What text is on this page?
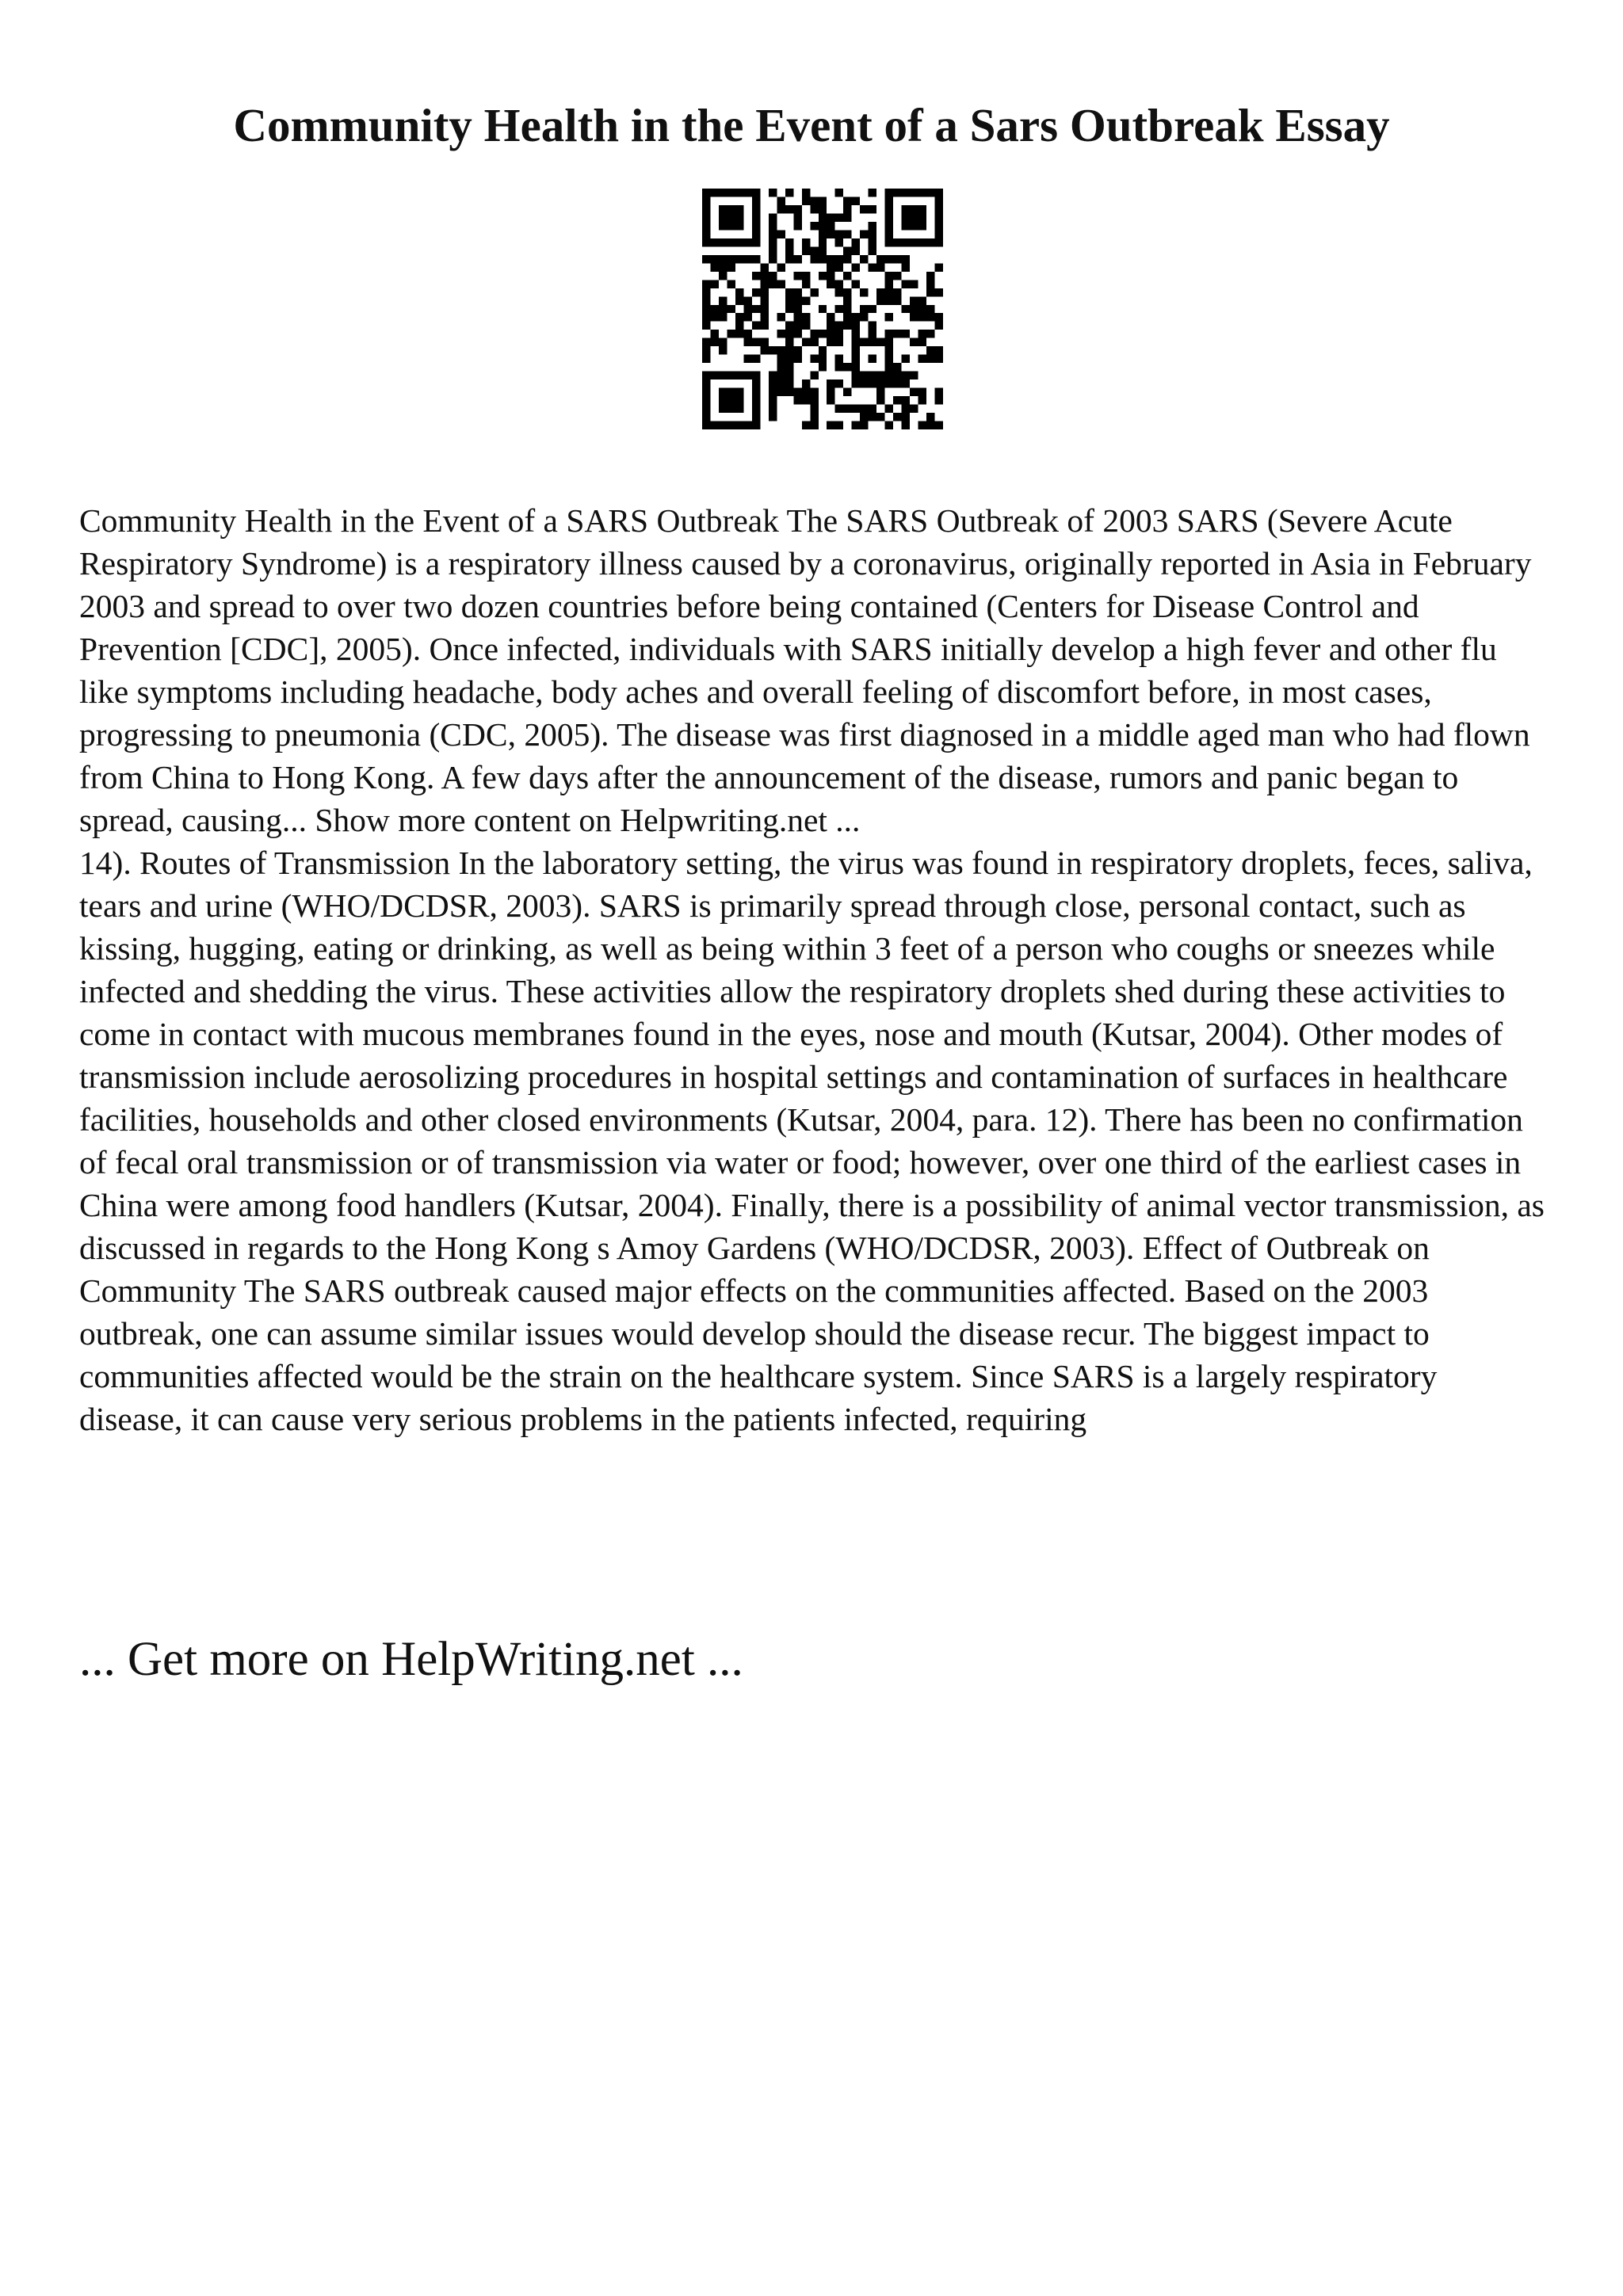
Community Health in the Event of a Sars Outbreak Essay

Community Health in the Event of a SARS Outbreak The SARS Outbreak of 2003 SARS (Severe Acute Respiratory Syndrome) is a respiratory illness caused by a coronavirus, originally reported in Asia in February 2003 and spread to over two dozen countries before being contained (Centers for Disease Control and Prevention [CDC], 2005). Once infected, individuals with SARS initially develop a high fever and other flu like symptoms including headache, body aches and overall feeling of discomfort before, in most cases, progressing to pneumonia (CDC, 2005). The disease was first diagnosed in a middle aged man who had flown from China to Hong Kong. A few days after the announcement of the disease, rumors and panic began to spread, causing... Show more content on Helpwriting.net ...

14). Routes of Transmission In the laboratory setting, the virus was found in respiratory droplets, feces, saliva, tears and urine (WHO/DCDSR, 2003). SARS is primarily spread through close, personal contact, such as kissing, hugging, eating or drinking, as well as being within 3 feet of a person who coughs or sneezes while infected and shedding the virus. These activities allow the respiratory droplets shed during these activities to come in contact with mucous membranes found in the eyes, nose and mouth (Kutsar, 2004). Other modes of transmission include aerosolizing procedures in hospital settings and contamination of surfaces in healthcare facilities, households and other closed environments (Kutsar, 2004, para. 12). There has been no confirmation of fecal oral transmission or of transmission via water or food; however, over one third of the earliest cases in China were among food handlers (Kutsar, 2004). Finally, there is a possibility of animal vector transmission, as discussed in regards to the Hong Kong s Amoy Gardens (WHO/DCDSR, 2003). Effect of Outbreak on Community The SARS outbreak caused major effects on the communities affected. Based on the 2003 outbreak, one can assume similar issues would develop should the disease recur. The biggest impact to communities affected would be the strain on the healthcare system. Since SARS is a largely respiratory disease, it can cause very serious problems in the patients infected, requiring

... Get more on HelpWriting.net ...
